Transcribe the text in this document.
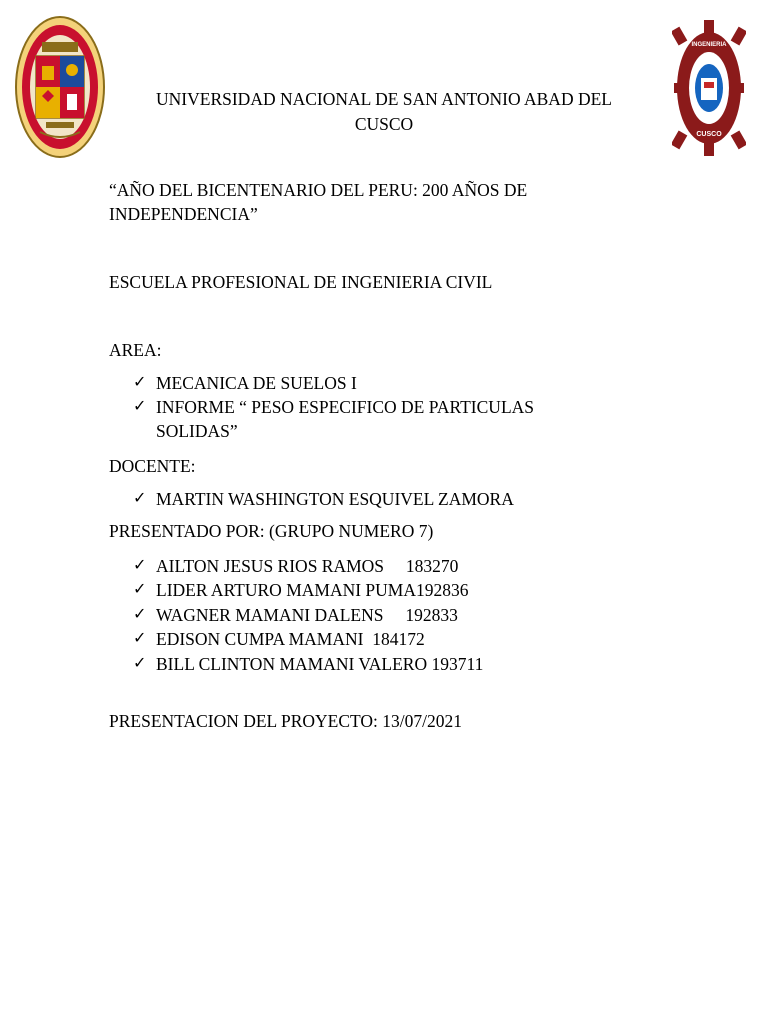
INGENIERIA
CUSCO
UNIVERSIDAD NACIONAL DE SAN ANTONIO ABAD DEL
CUSCO
“AÑO DEL BICENTENARIO DEL PERU: 200 AÑOS DE
INDEPENDENCIA”
ESCUELA PROFESIONAL DE INGENIERIA CIVIL
AREA:
✓ MECANICA DE SUELOS I
✓ INFORME “ PESO ESPECIFICO DE PARTICULAS
SOLIDAS”
DOCENTE:
✓ MARTIN WASHINGTON ESQUIVEL ZAMORA
PRESENTADO POR: (GRUPO NUMERO 7)
✓ AILTON JESUS RIOS RAMOS     183270
✓ LIDER ARTURO MAMANI PUMA192836
✓ WAGNER MAMANI DALENS     192833
✓ EDISON CUMPA MAMANI  184172
✓ BILL CLINTON MAMANI VALERO 193711
PRESENTACION DEL PROYECTO: 13/07/2021
